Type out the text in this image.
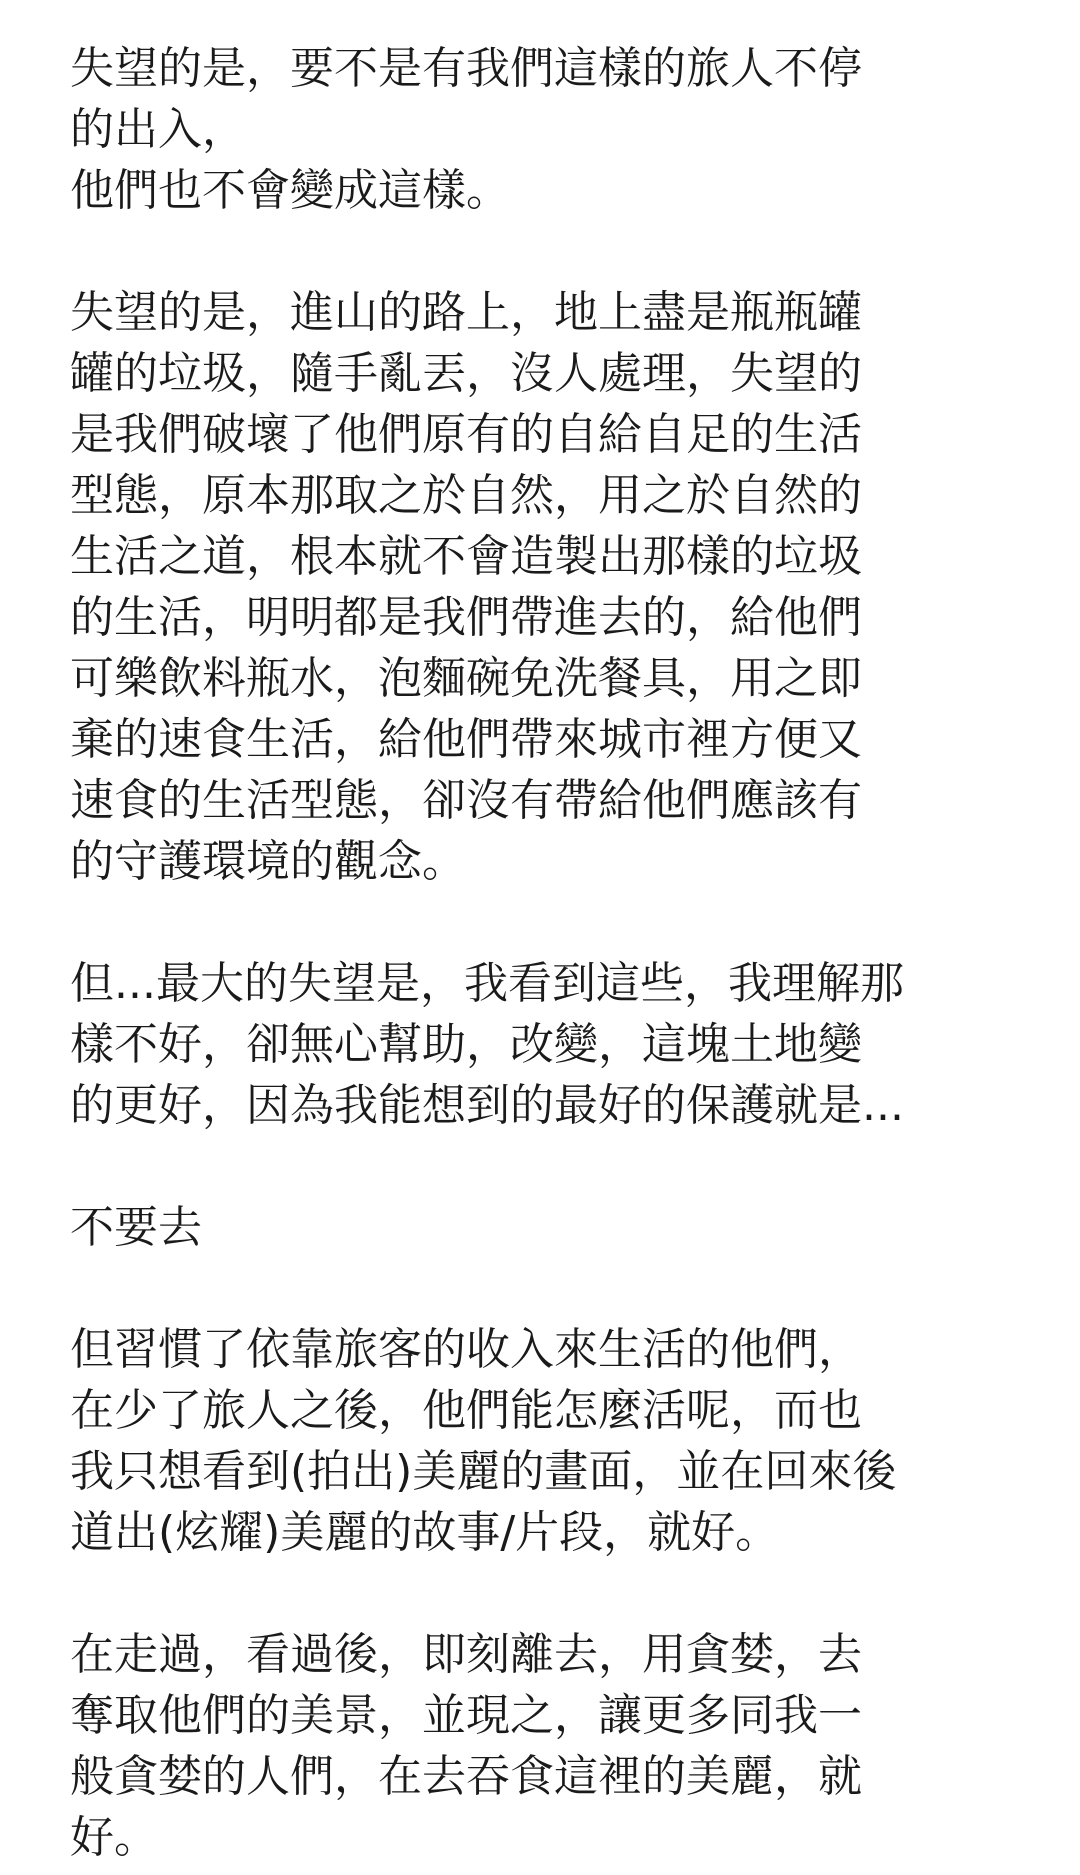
失望的是，要不是有我們這樣的旅人不停
的出入，
他們也不會變成這樣。
失望的是，進山的路上，地上盡是瓶瓶罐
罐的垃圾，隨手亂丟，沒人處理，失望的
是我們破壞了他們原有的自給自足的生活
型態，原本那取之於自然，用之於自然的
生活之道，根本就不會造製出那樣的垃圾
的生活，明明都是我們帶進去的，給他們
可樂飲料瓶水，泡麵碗免洗餐具，用之即
棄的速食生活，給他們帶來城市裡方便又
速食的生活型態，卻沒有帶給他們應該有
的守護環境的觀念。
但...最大的失望是，我看到這些，我理解那
樣不好，卻無心幫助，改變，這塊土地變
的更好，因為我能想到的最好的保護就是...
不要去
但習慣了依靠旅客的收入來生活的他們，
在少了旅人之後，他們能怎麼活呢，而也
我只想看到(拍出)美麗的畫面，並在回來後
道出(炫耀)美麗的故事/片段，就好。
在走過，看過後，即刻離去，用貪婪，去
奪取他們的美景，並現之，讓更多同我一
般貪婪的人們，在去吞食這裡的美麗，就
好。
